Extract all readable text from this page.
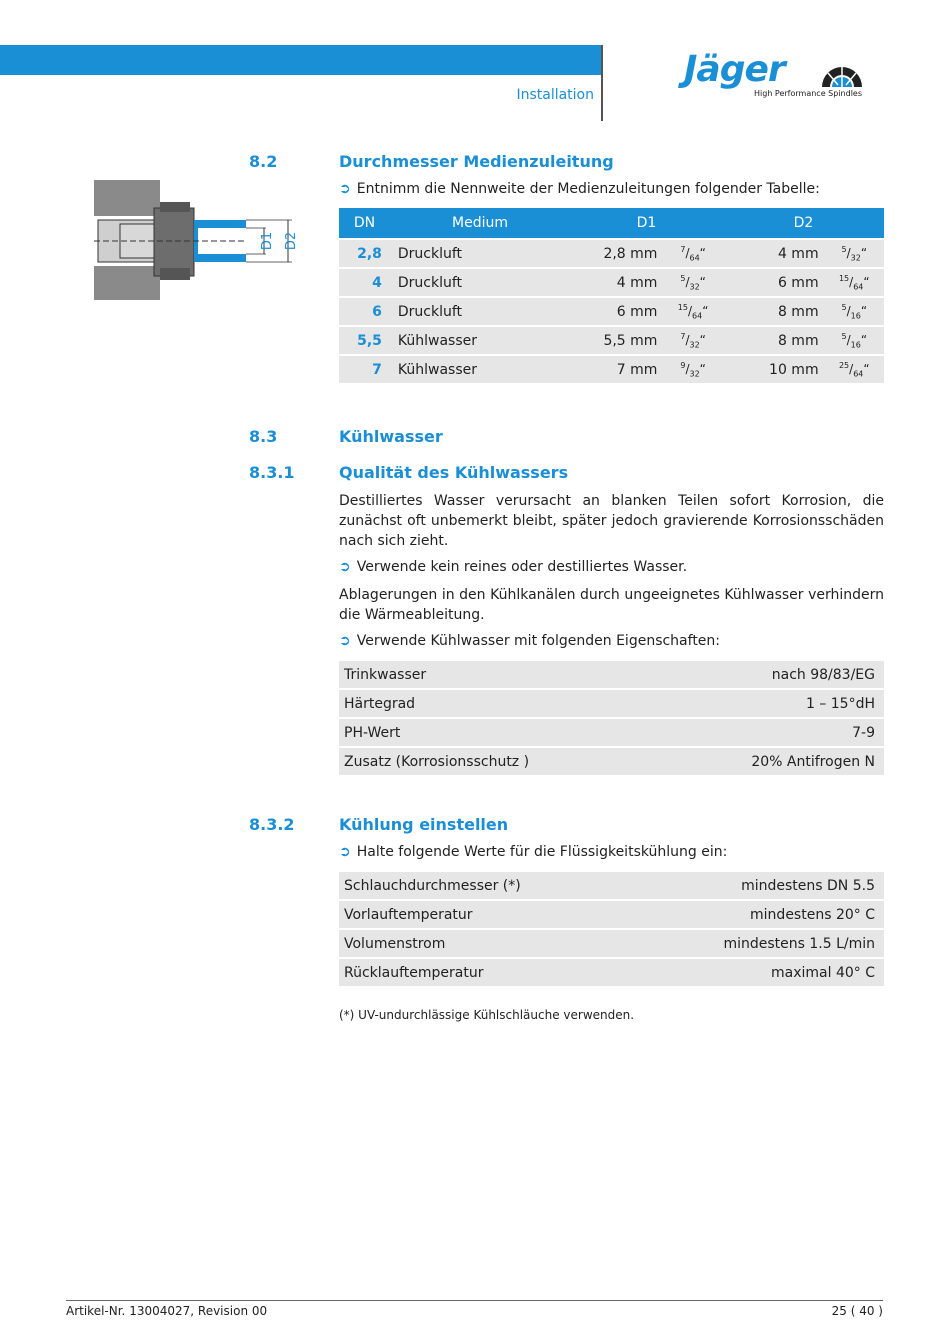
Installation
Jäger
High Performance Spindles
8.2	Durchmesser Medienzuleitung
➲ Entnimm die Nennweite der Medienzuleitungen folgender Tabelle:
D1 D2
DN	Medium	D1		D2	
2,8	Druckluft	2,8 mm	$^7/_{64}“$	4 mm	$^5/_{32}“$
4	Druckluft	4 mm	$^5/_{32}“$	6 mm	$^{15}/_{64}“$
6	Druckluft	6 mm	$^{15}/_{64}“$	8 mm	$^5/_{16}“$
5,5	Kühlwasser	5,5 mm	$^7/_{32}“$	8 mm	$^5/_{16}“$
7	Kühlwasser	7 mm	$^9/_{32}“$	10 mm	$^{25}/_{64}“$
8.3	Kühlwasser
8.3.1	Qualität des Kühlwassers
Destilliertes Wasser verursacht an blanken Teilen sofort Korrosion, die zunächst oft unbemerkt bleibt, später jedoch gravierende Korrosionsschäden nach sich zieht.
➲ Verwende kein reines oder destilliertes Wasser.
Ablagerungen in den Kühlkanälen durch ungeeignetes Kühlwasser verhindern die Wärmeableitung.
➲ Verwende Kühlwasser mit folgenden Eigenschaften:
Trinkwasser	nach 98/83/EG
Härtegrad	1 – 15°dH
PH-Wert	7-9
Zusatz (Korrosionsschutz )	20% Antifrogen N
8.3.2	Kühlung einstellen
➲ Halte folgende Werte für die Flüssigkeitskühlung ein:
Schlauchdurchmesser (*)	mindestens DN 5.5
Vorlauftemperatur	mindestens 20° C
Volumenstrom	mindestens 1.5 L/min
Rücklauftemperatur	maximal 40° C
(*) UV-undurchlässige Kühlschläuche verwenden.
Artikel-Nr. 13004027, Revision 00	25 ( 40 )
